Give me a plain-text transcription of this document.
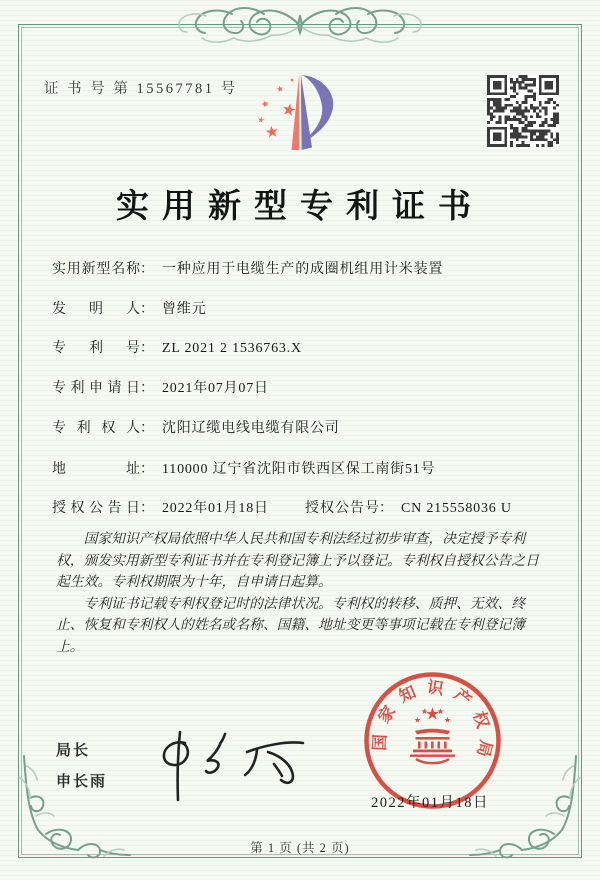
证 书 号 第 15567781 号
实用新型专利证书
实用新型名称： 一种应用于电缆生产的成圈机组用计米装置
发明人： 曾维元
专利号： ZL 2021 2 1536763.X
专利申请日： 2021年07月07日
专利权人： 沈阳辽缆电线电缆有限公司
地址： 110000 辽宁省沈阳市铁西区保工南街51号
授权公告日： 2022年01月18日	授权公告号： CN 215558036 U

国家知识产权局依照中华人民共和国专利法经过初步审查，决定授予专利权，颁发实用新型专利证书并在专利登记簿上予以登记。专利权自授权公告之日起生效。专利权期限为十年，自申请日起算。

专利证书记载专利权登记时的法律状况。专利权的转移、质押、无效、终止、恢复和专利权人的姓名或名称、国籍、地址变更等事项记载在专利登记簿上。

局长
申长雨
国家知识产权局
2022年01月18日
第 1 页 (共 2 页)
